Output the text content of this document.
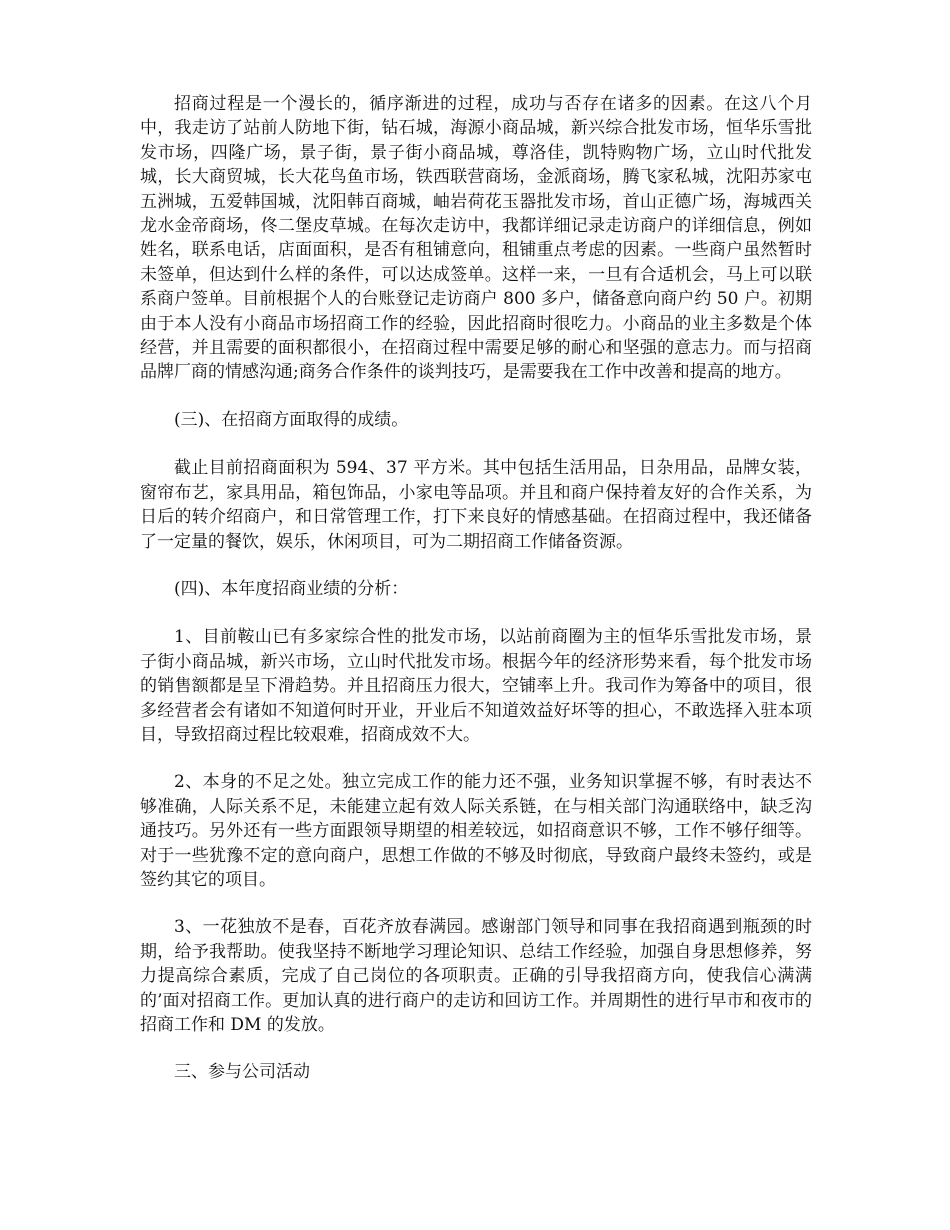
招商过程是一个漫长的，循序渐进的过程，成功与否存在诸多的因素。在这八个月中，我走访了站前人防地下街，钻石城，海源小商品城，新兴综合批发市场，恒华乐雪批发市场，四隆广场，景子街，景子街小商品城，尊洛佳，凯特购物广场，立山时代批发城，长大商贸城，长大花鸟鱼市场，铁西联营商场，金派商场，腾飞家私城，沈阳苏家屯五洲城，五爱韩国城，沈阳韩百商城，岫岩荷花玉器批发市场，首山正德广场，海城西关龙水金帝商场，佟二堡皮草城。在每次走访中，我都详细记录走访商户的详细信息，例如姓名，联系电话，店面面积，是否有租铺意向，租铺重点考虑的因素。一些商户虽然暂时未签单，但达到什么样的条件，可以达成签单。这样一来，一旦有合适机会，马上可以联系商户签单。目前根据个人的台账登记走访商户 800 多户，储备意向商户约 50 户。初期由于本人没有小商品市场招商工作的经验，因此招商时很吃力。小商品的业主多数是个体经营，并且需要的面积都很小，在招商过程中需要足够的耐心和坚强的意志力。而与招商品牌厂商的情感沟通;商务合作条件的谈判技巧，是需要我在工作中改善和提高的地方。

(三)、在招商方面取得的成绩。

截止目前招商面积为 594、37 平方米。其中包括生活用品，日杂用品，品牌女装，窗帘布艺，家具用品，箱包饰品，小家电等品项。并且和商户保持着友好的合作关系，为日后的转介绍商户，和日常管理工作，打下来良好的情感基础。在招商过程中，我还储备了一定量的餐饮，娱乐，休闲项目，可为二期招商工作储备资源。

(四)、本年度招商业绩的分析：

1、目前鞍山已有多家综合性的批发市场，以站前商圈为主的恒华乐雪批发市场，景子街小商品城，新兴市场，立山时代批发市场。根据今年的经济形势来看，每个批发市场的销售额都是呈下滑趋势。并且招商压力很大，空铺率上升。我司作为筹备中的项目，很多经营者会有诸如不知道何时开业，开业后不知道效益好坏等的担心，不敢选择入驻本项目，导致招商过程比较艰难，招商成效不大。

2、本身的不足之处。独立完成工作的能力还不强，业务知识掌握不够，有时表达不够准确，人际关系不足，未能建立起有效人际关系链，在与相关部门沟通联络中，缺乏沟通技巧。另外还有一些方面跟领导期望的相差较远，如招商意识不够，工作不够仔细等。对于一些犹豫不定的意向商户，思想工作做的不够及时彻底，导致商户最终未签约，或是签约其它的项目。

3、一花独放不是春，百花齐放春满园。感谢部门领导和同事在我招商遇到瓶颈的时期，给予我帮助。使我坚持不断地学习理论知识、总结工作经验，加强自身思想修养，努力提高综合素质，完成了自己岗位的各项职责。正确的引导我招商方向，使我信心满满的’面对招商工作。更加认真的进行商户的走访和回访工作。并周期性的进行早市和夜市的招商工作和 DM 的发放。

三、参与公司活动
